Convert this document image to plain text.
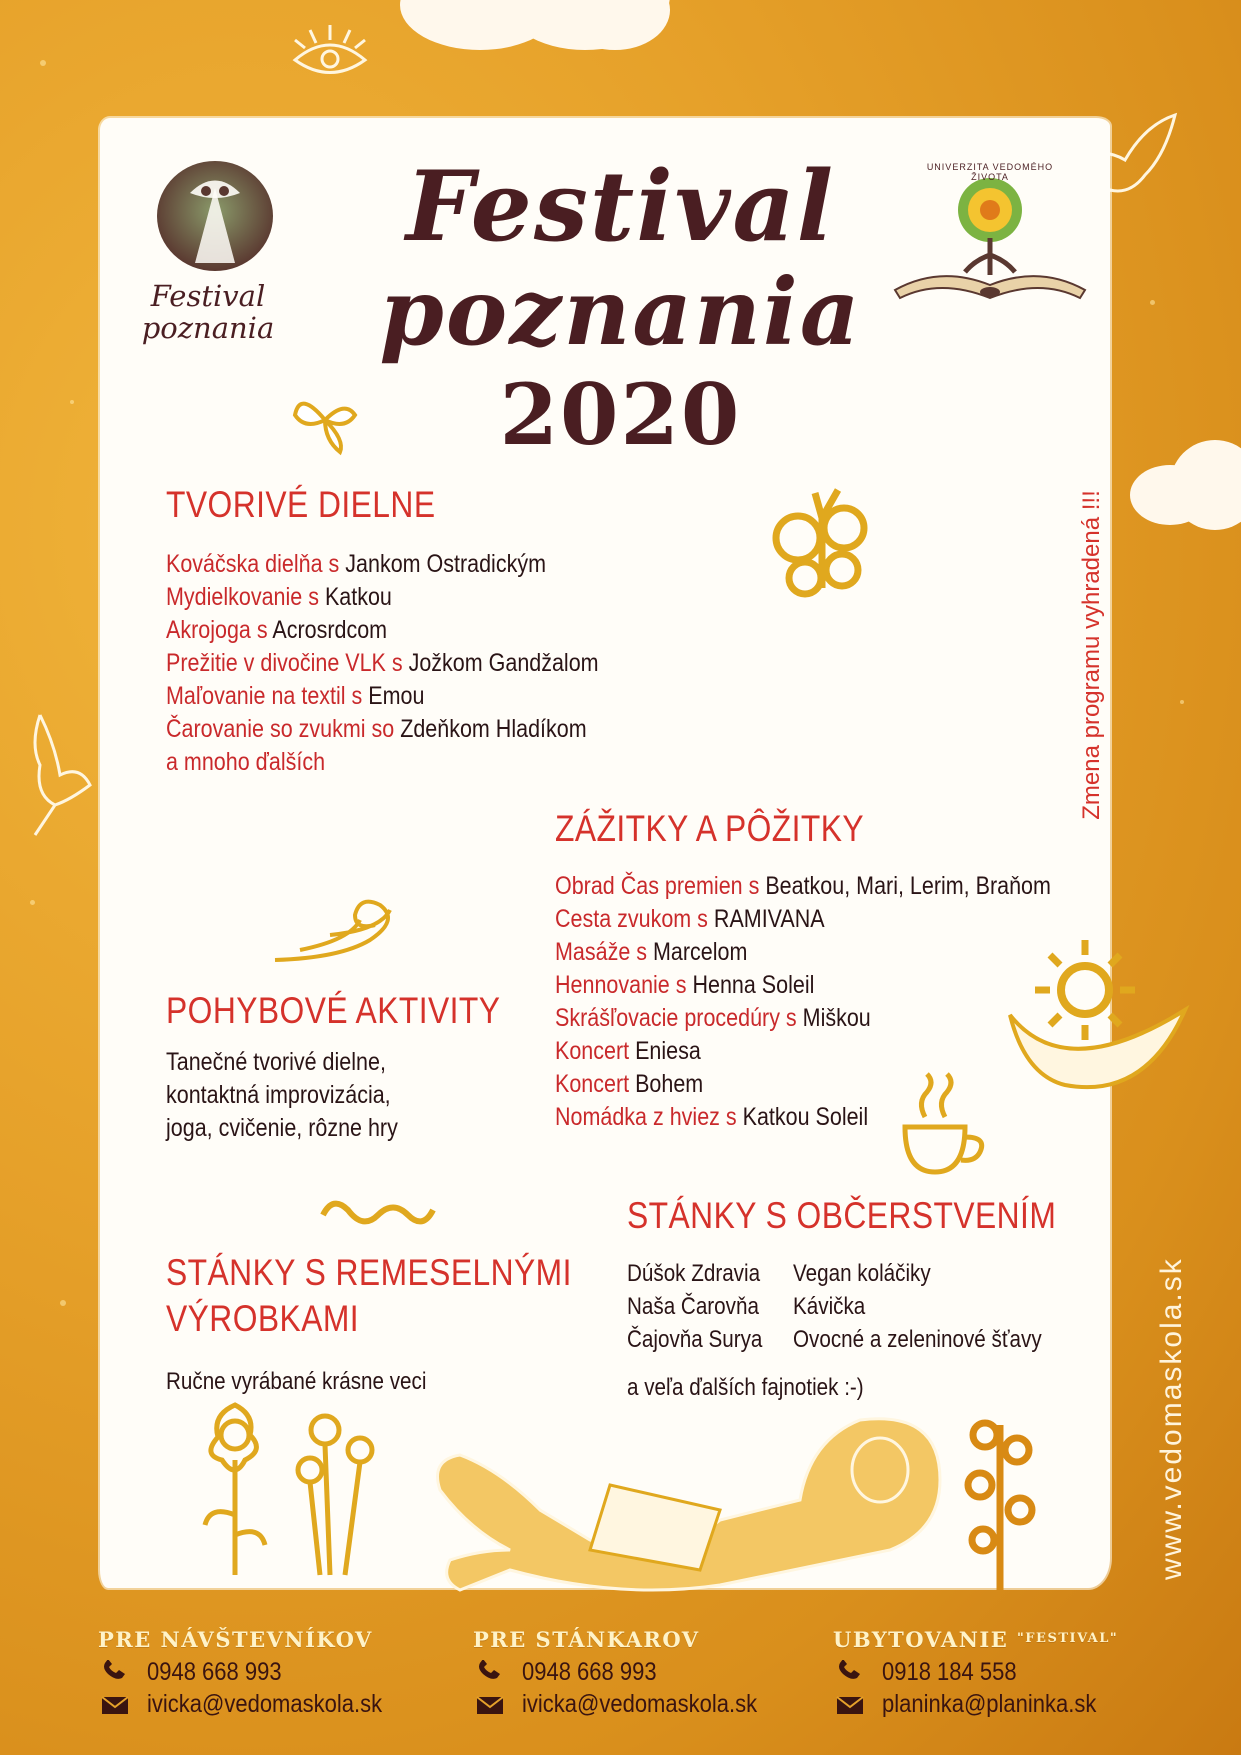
Festival
poznania
Festival
poznania
2020
UNIVERZITA VEDOMÉHO ŽIVOTA
Zmena programu vyhradená !!!
TVORIVÉ DIELNE
Kováčska dielňa s Jankom Ostradickým
Mydielkovanie s Katkou
Akrojoga s Acrosrdcom
Prežitie v divočine VLK s Jožkom Gandžalom
Maľovanie na textil s Emou
Čarovanie so zvukmi so Zdeňkom Hladíkom
a mnoho ďalších
ZÁŽITKY A PÔŽITKY
Obrad Čas premien s Beatkou, Mari, Lerim, Braňom
Cesta zvukom s RAMIVANA
Masáže s Marcelom
Hennovanie s Henna Soleil
Skrášľovacie procedúry s Miškou
Koncert Eniesa
Koncert Bohem
Nomádka z hviez s Katkou Soleil
POHYBOVÉ AKTIVITY
Tanečné tvorivé dielne,
kontaktná improvizácia,
joga, cvičenie, rôzne hry
STÁNKY S REMESELNÝMI
VÝROBKAMI
Ručne vyrábané krásne veci
STÁNKY S OBČERSTVENÍM
Dúšok Zdravia
Naša Čarovňa
Čajovňa Surya
Vegan koláčiky
Kávička
Ovocné a zeleninové šťavy
a veľa ďalších fajnotiek :-)	www.vedomaskola.sk
PRE NÁVŠTEVNÍKOV
0948 668 993
ivicka@vedomaskola.sk
PRE STÁNKAROV
0948 668 993
ivicka@vedomaskola.sk
UBYTOVANIE $^{"FESTIVAL"}$
0918 184 558
planinka@planinka.sk
